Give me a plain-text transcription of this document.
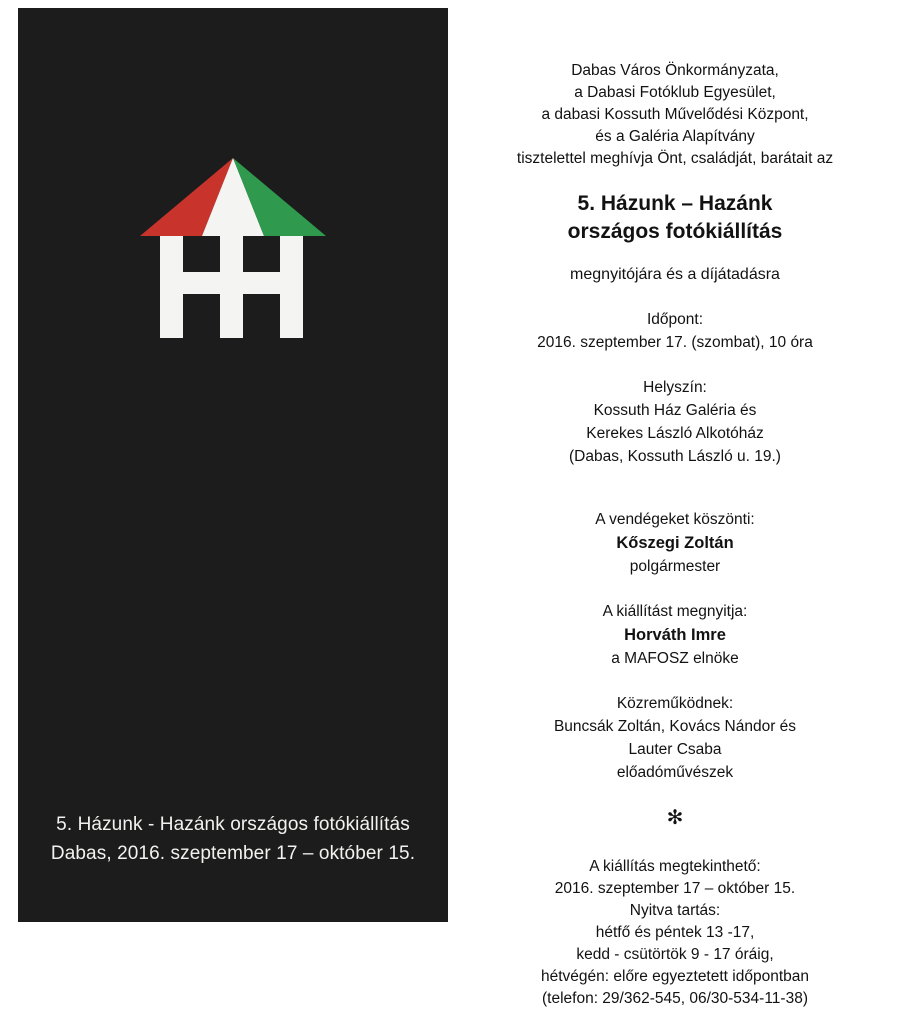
5. Házunk - Hazánk országos fotókiállítás
Dabas, 2016. szeptember 17 – október 15.
Dabas Város Önkormányzata,
a Dabasi Fotóklub Egyesület,
a dabasi Kossuth Művelődési Központ,
és a Galéria Alapítvány
tisztelettel meghívja Önt, családját, barátait az
5. Házunk – Hazánk
országos fotókiállítás
megnyitójára és a díjátadásra
Időpont:
2016. szeptember 17. (szombat), 10 óra
Helyszín:
Kossuth Ház Galéria és
Kerekes László Alkotóház
(Dabas, Kossuth László u. 19.)
A vendégeket köszönti:
Kőszegi Zoltán
polgármester
A kiállítást megnyitja:
Horváth Imre
a MAFOSZ elnöke
Közreműködnek:
Buncsák Zoltán, Kovács Nándor és
Lauter Csaba
előadóművészek
✻
A kiállítás megtekinthető:
2016. szeptember 17 – október 15.
Nyitva tartás:
hétfő és péntek 13 -17,
kedd - csütörtök 9 - 17 óráig,
hétvégén: előre egyeztetett időpontban
(telefon: 29/362-545, 06/30-534-11-38)
